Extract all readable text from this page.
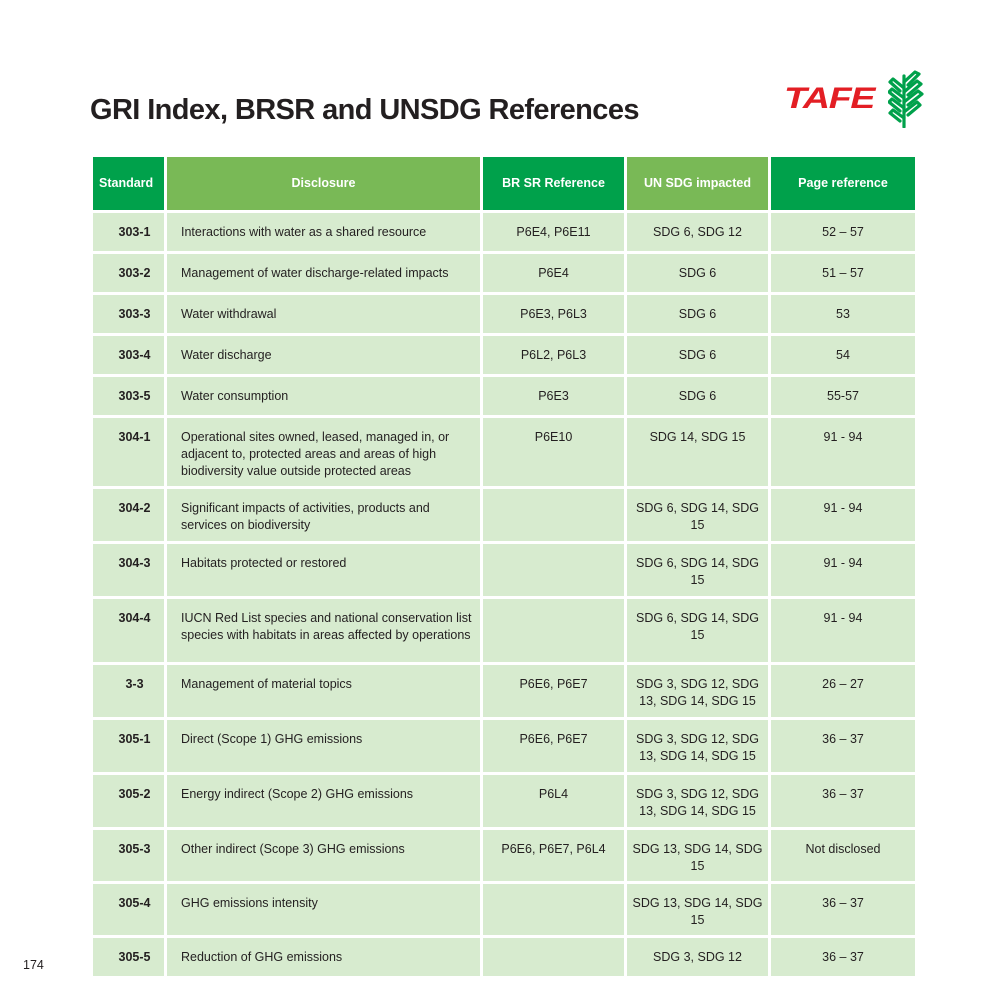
GRI Index, BRSR and UNSDG References	TAFE
Standard	Disclosure	BR SR Reference	UN SDG impacted	Page reference
303-1	Interactions with water as a shared resource	P6E4, P6E11	SDG 6, SDG 12	52 – 57
303-2	Management of water discharge-related impacts	P6E4	SDG 6	51 – 57
303-3	Water withdrawal	P6E3, P6L3	SDG 6	53
303-4	Water discharge	P6L2, P6L3	SDG 6	54
303-5	Water consumption	P6E3	SDG 6	55-57
304-1	Operational sites owned, leased, managed in, or adjacent to, protected areas and areas of high biodiversity value outside protected areas	P6E10	SDG 14, SDG 15	91 - 94
304-2	Significant impacts of activities, products and services on biodiversity		SDG 6, SDG 14, SDG 15	91 - 94
304-3	Habitats protected or restored		SDG 6, SDG 14, SDG 15	91 - 94
304-4	IUCN Red List species and national conservation list species with habitats in areas affected by operations		SDG 6, SDG 14, SDG 15	91 - 94
3-3	Management of material topics	P6E6, P6E7	SDG 3, SDG 12, SDG 13, SDG 14, SDG 15	26 – 27
305-1	Direct (Scope 1) GHG emissions	P6E6, P6E7	SDG 3, SDG 12, SDG 13, SDG 14, SDG 15	36 – 37
305-2	Energy indirect (Scope 2) GHG emissions	P6L4	SDG 3, SDG 12, SDG 13, SDG 14, SDG 15	36 – 37
305-3	Other indirect (Scope 3) GHG emissions	P6E6, P6E7, P6L4	SDG 13, SDG 14, SDG 15	Not disclosed
305-4	GHG emissions intensity		SDG 13, SDG 14, SDG 15	36 – 37
305-5	Reduction of GHG emissions		SDG 3, SDG 12	36 – 37
174
